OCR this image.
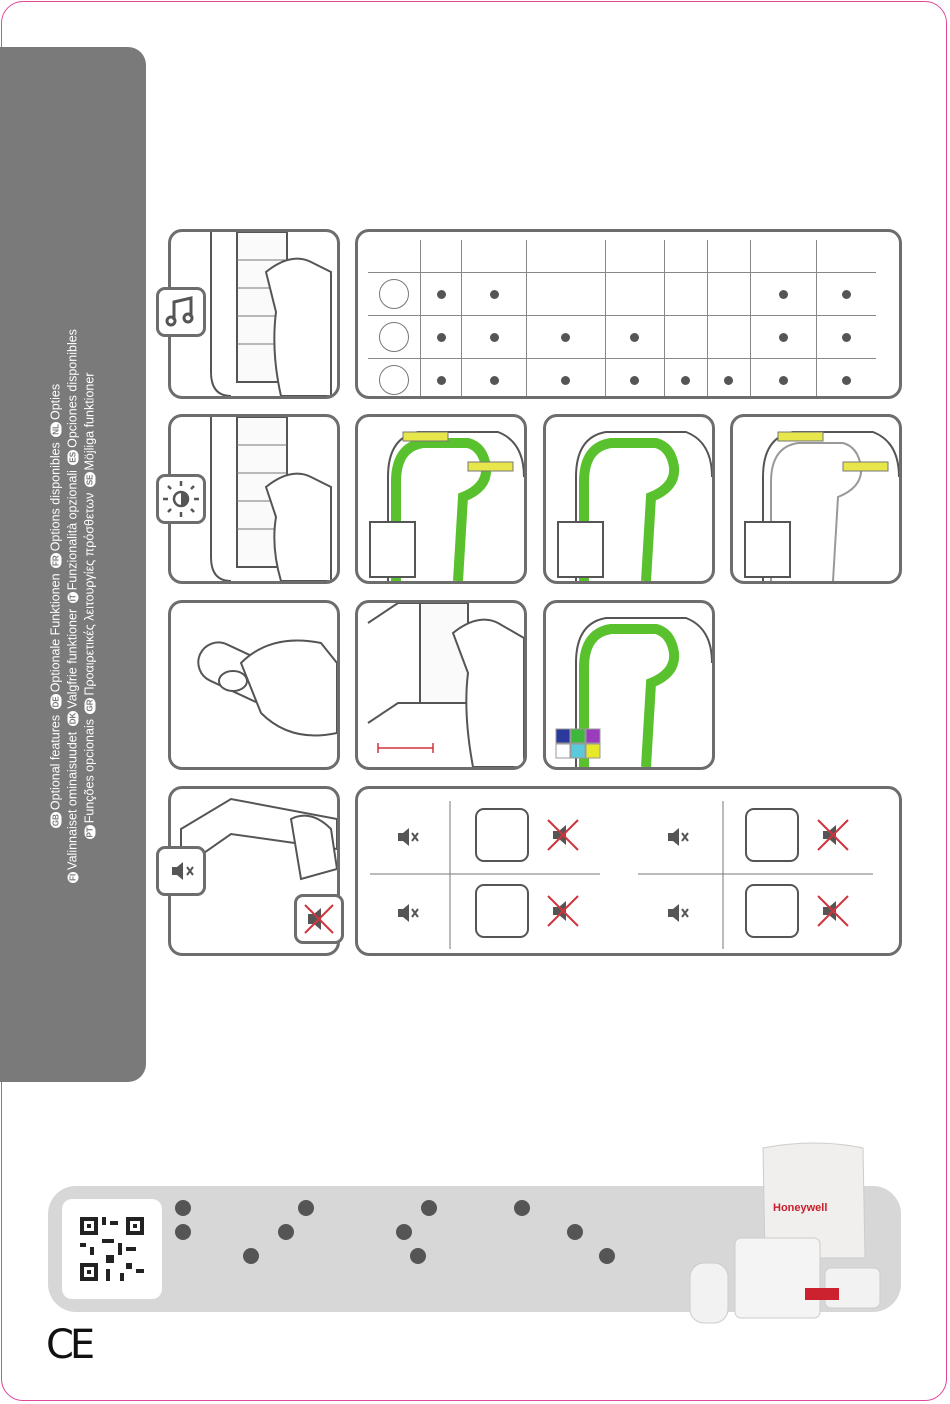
GBOptional features DEOptionale Funktionen FROptions disponibles NLOpties
FIValinnaiset ominaisuudet DKValgfrie funktioner ITFunzionalità opzionali ESOpciones disponibles
PTFunções opcionais GRΠροαιρετικές λειτουργίες πρόσθετων SEMöjliga funktioner

Honeywell
CE
